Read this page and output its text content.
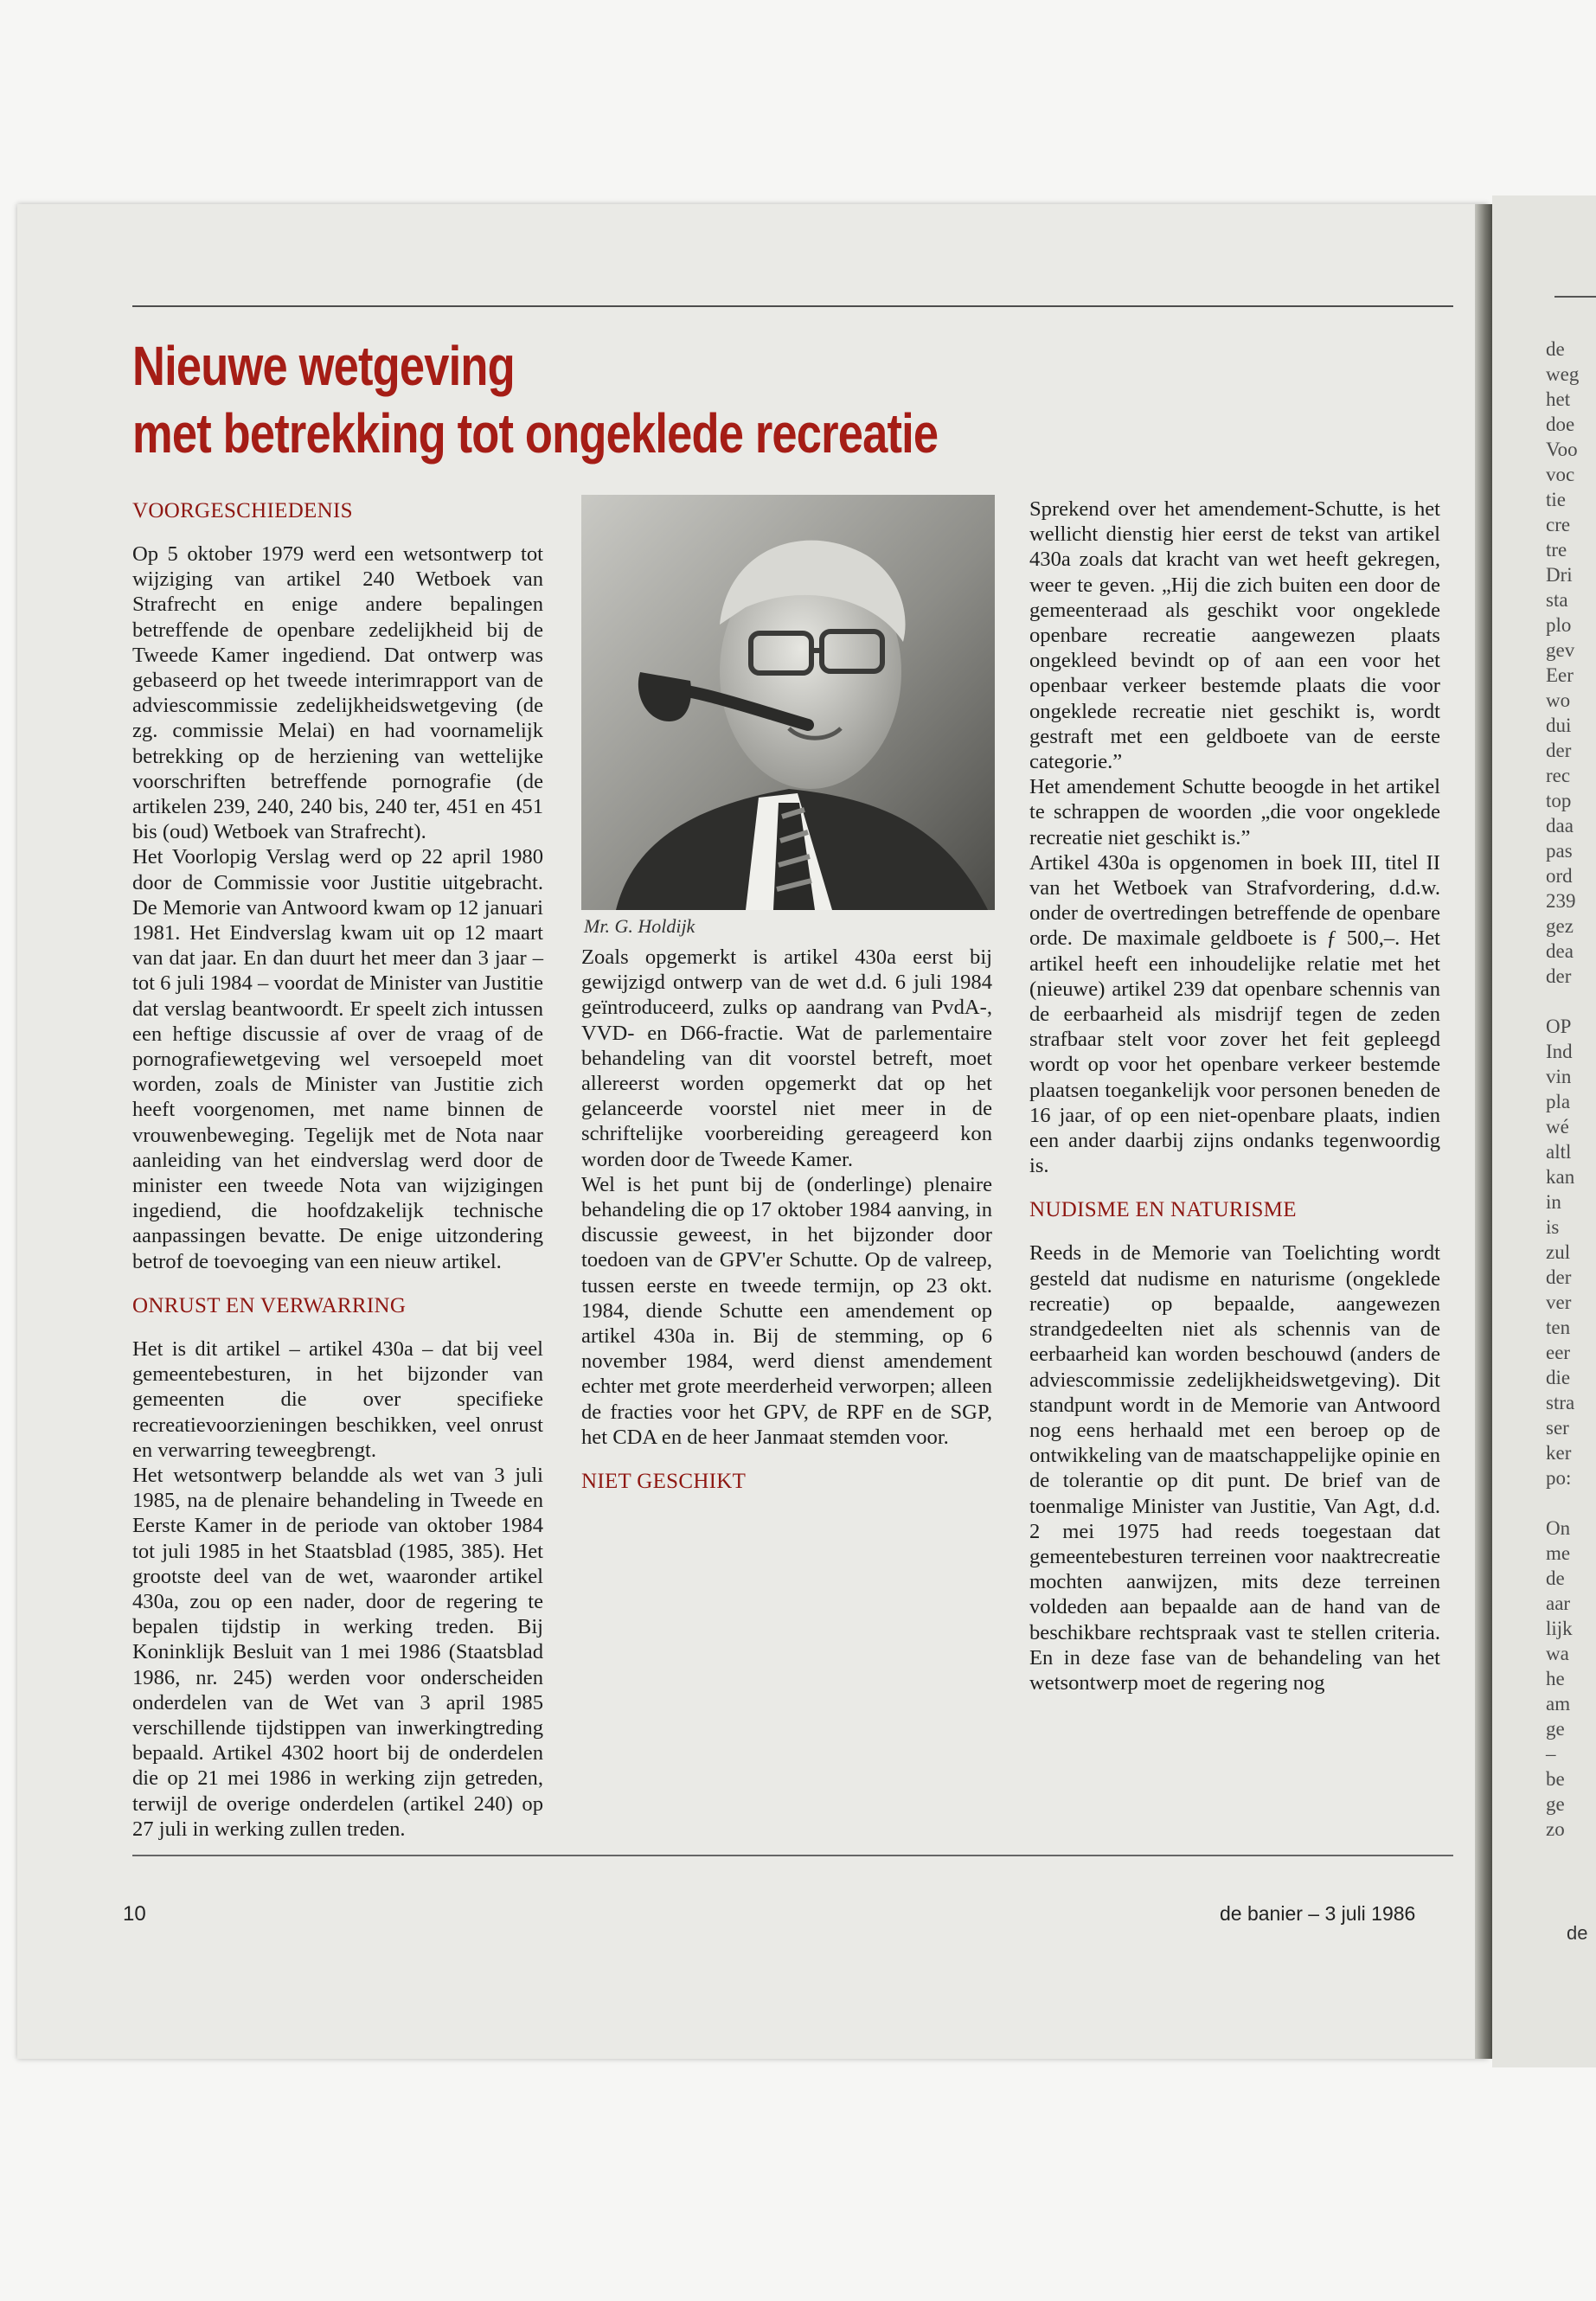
Nieuwe wetgeving
met betrekking tot ongeklede recreatie
VOORGESCHIEDENIS

Op 5 oktober 1979 werd een wetsontwerp tot wijziging van artikel 240 Wetboek van Strafrecht en enige andere bepalingen betreffende de openbare zedelijkheid bij de Tweede Kamer ingediend. Dat ontwerp was gebaseerd op het tweede interimrapport van de adviescommissie zedelijkheidswetgeving (de zg. commissie Melai) en had voornamelijk betrekking op de herziening van wettelijke voorschriften betreffende pornografie (de artikelen 239, 240, 240 bis, 240 ter, 451 en 451 bis (oud) Wetboek van Strafrecht).

Het Voorlopig Verslag werd op 22 april 1980 door de Commissie voor Justitie uitgebracht. De Memorie van Antwoord kwam op 12 januari 1981. Het Eindverslag kwam uit op 12 maart van dat jaar. En dan duurt het meer dan 3 jaar – tot 6 juli 1984 – voordat de Minister van Justitie dat verslag beantwoordt. Er speelt zich intussen een heftige discussie af over de vraag of de pornografiewetgeving wel versoepeld moet worden, zoals de Minister van Justitie zich heeft voorgenomen, met name binnen de vrouwenbeweging. Tegelijk met de Nota naar aanleiding van het eindverslag werd door de minister een tweede Nota van wijzigingen ingediend, die hoofdzakelijk technische aanpassingen bevatte. De enige uitzondering betrof de toevoeging van een nieuw artikel.

ONRUST EN VERWARRING

Het is dit artikel – artikel 430a – dat bij veel gemeentebesturen, in het bijzonder van gemeenten die over specifieke recreatievoorzieningen beschikken, veel onrust en verwarring teweegbrengt.

Het wetsontwerp belandde als wet van 3 juli 1985, na de plenaire behandeling in Tweede en Eerste Kamer in de periode van oktober 1984 tot juli 1985 in het Staatsblad (1985, 385). Het grootste deel van de wet, waaronder artikel 430a, zou op een nader, door de regering te bepalen tijdstip in werking treden. Bij Koninklijk Besluit van 1 mei 1986 (Staatsblad 1986, nr. 245) werden voor onderscheiden onderdelen van de Wet van 3 april 1985 verschillende tijdstippen van inwerkingtreding bepaald. Artikel 4302 hoort bij de onderdelen die op 21 mei 1986 in werking zijn getreden, terwijl de overige onderdelen (artikel 240) op 27 juli in werking zullen treden.

Mr. G. Holdijk

Zoals opgemerkt is artikel 430a eerst bij gewijzigd ontwerp van de wet d.d. 6 juli 1984 geïntroduceerd, zulks op aandrang van PvdA-, VVD- en D66-fractie. Wat de parlementaire behandeling van dit voorstel betreft, moet allereerst worden opgemerkt dat op het gelanceerde voorstel niet meer in de schriftelijke voorbereiding gereageerd kon worden door de Tweede Kamer.

Wel is het punt bij de (onderlinge) plenaire behandeling die op 17 oktober 1984 aanving, in discussie geweest, in het bijzonder door toedoen van de GPV'er Schutte. Op de valreep, tussen eerste en tweede termijn, op 23 okt. 1984, diende Schutte een amendement op artikel 430a in. Bij de stemming, op 6 november 1984, werd dienst amendement echter met grote meerderheid verworpen; alleen de fracties voor het GPV, de RPF en de SGP, het CDA en de heer Janmaat stemden voor.

NIET GESCHIKT

Sprekend over het amendement-Schutte, is het wellicht dienstig hier eerst de tekst van artikel 430a zoals dat kracht van wet heeft gekregen, weer te geven. „Hij die zich buiten een door de gemeenteraad als geschikt voor ongeklede openbare recreatie aangewezen plaats ongekleed bevindt op of aan een voor het openbaar verkeer bestemde plaats die voor ongeklede recreatie niet geschikt is, wordt gestraft met een geldboete van de eerste categorie.”

Het amendement Schutte beoogde in het artikel te schrappen de woorden „die voor ongeklede recreatie niet geschikt is.”

Artikel 430a is opgenomen in boek III, titel II van het Wetboek van Strafvordering, d.d.w. onder de overtredingen betreffende de openbare orde. De maximale geldboete is ƒ 500,–. Het artikel heeft een inhoudelijke relatie met het (nieuwe) artikel 239 dat openbare schennis van de eerbaarheid als misdrijf tegen de zeden strafbaar stelt voor zover het feit gepleegd wordt op voor het openbare verkeer bestemde plaatsen toegankelijk voor personen beneden de 16 jaar, of op een niet-openbare plaats, indien een ander daarbij zijns ondanks tegenwoordig is.

NUDISME EN NATURISME

Reeds in de Memorie van Toelichting wordt gesteld dat nudisme en naturisme (ongeklede recreatie) op bepaalde, aangewezen strandgedeelten niet als schennis van de eerbaarheid kan worden beschouwd (anders de adviescommissie zedelijkheidswetgeving). Dit standpunt wordt in de Memorie van Antwoord nog eens herhaald met een beroep op de ontwikkeling van de maatschappelijke opinie en de tolerantie op dit punt. De brief van de toenmalige Minister van Justitie, Van Agt, d.d. 2 mei 1975 had reeds toegestaan dat gemeentebesturen terreinen voor naaktrecreatie mochten aanwijzen, mits deze terreinen voldeden aan bepaalde aan de hand van de beschikbare rechtspraak vast te stellen criteria. En in deze fase van de behandeling van het wetsontwerp moet de regering nog

10	de banier – 3 juli 1986
de
weg
het
doe
Voo
voc
tie
cre
tre
Dri
sta
plo
gev
Eer
wo
dui
der
rec
top
daa
pas
ord
239
gez
dea
der

OP
Ind
vin
pla
wé
altl
kan
in
is
zul
der
ver
ten
eer
die
stra
ser
ker
po:

On
me
de
aar
lijk
wa
he
am
ge
–
be
ge
zo
de
